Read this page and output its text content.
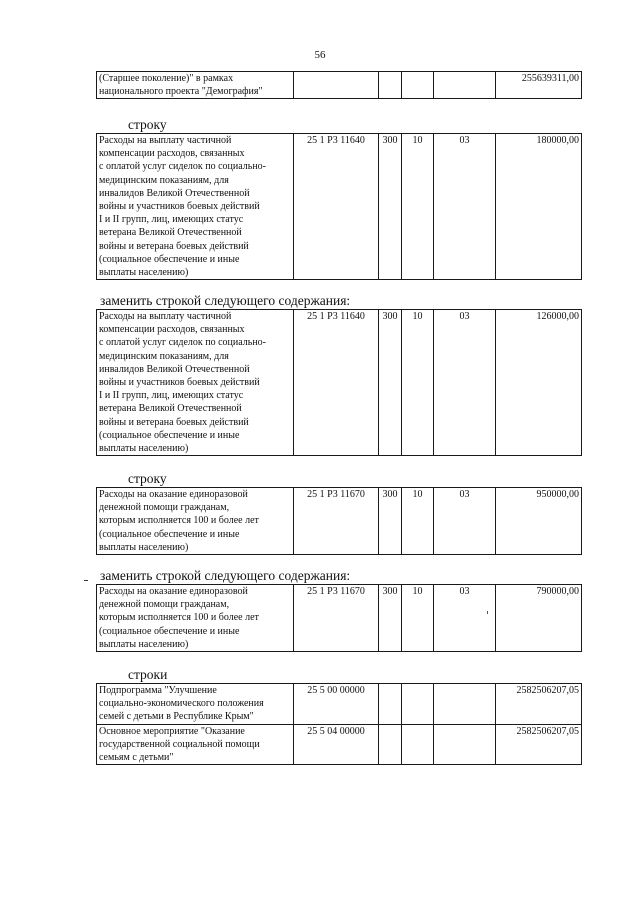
56
(Старшее поколение)" в рамках
национального проекта "Демография"
					255639311,00
строку
Расходы на выплату частичной
компенсации расходов, связанных
с оплатой услуг сиделок по социально-
медицинским показаниям, для
инвалидов Великой Отечественной
войны и участников боевых действий
I и II групп, лиц, имеющих статус
ветерана Великой Отечественной
войны и ветерана боевых действий
(социальное обеспечение и иные
выплаты населению)
	25 1 Р3 11640	300	10	03	180000,00
заменить строкой следующего содержания:
Расходы на выплату частичной
компенсации расходов, связанных
с оплатой услуг сиделок по социально-
медицинским показаниям, для
инвалидов Великой Отечественной
войны и участников боевых действий
I и II групп, лиц, имеющих статус
ветерана Великой Отечественной
войны и ветерана боевых действий
(социальное обеспечение и иные
выплаты населению)
	25 1 Р3 11640	300	10	03	126000,00
строку
Расходы на оказание единоразовой
денежной помощи гражданам,
которым исполняется 100 и более лет
(социальное обеспечение и иные
выплаты населению)
	25 1 Р3 11670	300	10	03	950000,00
заменить строкой следующего содержания:
Расходы на оказание единоразовой
денежной помощи гражданам,
которым исполняется 100 и более лет
(социальное обеспечение и иные
выплаты населению)
	25 1 Р3 11670	300	10	03	790000,00
строки
Подпрограмма "Улучшение
социально-экономического положения
семей с детьми в Республике Крым"	25 5 00 00000				2582506207,05

Основное мероприятие "Оказание
государственной социальной помощи
семьям с детьми"	25 5 04 00000				2582506207,05
